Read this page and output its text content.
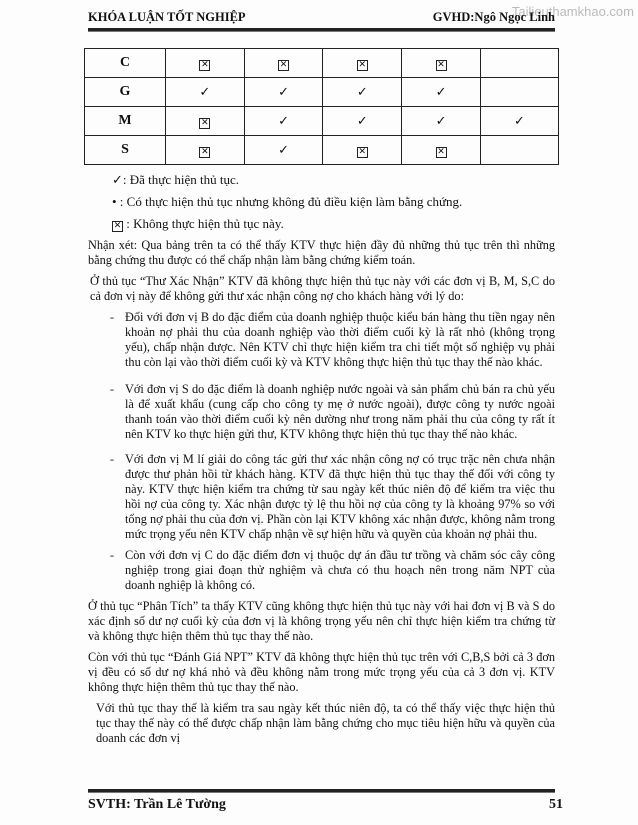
Tailieuthamkhao.com
KHÓA LUẬN TỐT NGHIỆP	GVHD:Ngô Ngọc Linh
C	✕	✕	✕	✕	
G	✓	✓	✓	✓	
M	✕	✓	✓	✓	✓
S	✕	✓	✕	✕	
✓: Đã thực hiện thủ tục.
• : Có thực hiện thủ tục nhưng không đủ điều kiện làm bằng chứng.
✕ : Không thực hiện thủ tục này.
Nhận xét: Qua bảng trên ta có thể thấy KTV thực hiện đầy đủ những thủ tục trên thì những bằng chứng thu được có thể chấp nhận làm bằng chứng kiểm toán.
Ở thủ tục “Thư Xác Nhận” KTV đã không thực hiện thủ tục này với các đơn vị B, M, S,C do cả đơn vị này để không gửi thư xác nhận công nợ cho khách hàng với lý do:
- Đối với đơn vị B do đặc điểm của doanh nghiệp thuộc kiểu bán hàng thu tiền ngay nên khoản nợ phải thu của doanh nghiệp vào thời điểm cuối kỳ là rất nhỏ (không trọng yếu), chấp nhận được. Nên KTV chỉ thực hiện kiểm tra chi tiết một số nghiệp vụ phải thu còn lại vào thời điểm cuối kỳ và KTV không thực hiện thủ tục thay thế nào khác.
- Với đơn vị S do đặc điểm là doanh nghiệp nước ngoài và sản phẩm chủ bán ra chủ yếu là để xuất khẩu (cung cấp cho công ty mẹ ở nước ngoài), được công ty nước ngoài thanh toán vào thời điểm cuối kỳ nên dường như trong năm phải thu của công ty rất ít nên KTV ko thực hiện gửi thư, KTV không thực hiện thủ tục thay thế nào khác.
- Với đơn vị M lí giải do công tác gửi thư xác nhận công nợ có trục trặc nên chưa nhận được thư phản hồi từ khách hàng. KTV đã thực hiện thủ tục thay thế đối với công ty này. KTV thực hiện kiểm tra chứng từ sau ngày kết thúc niên độ để kiểm tra việc thu hồi nợ của công ty. Xác nhận được tỷ lệ thu hồi nợ của công ty là khoảng 97% so với tổng nợ phải thu của đơn vị. Phần còn lại KTV không xác nhận được, không nằm trong mức trọng yếu nên KTV chấp nhận về sự hiện hữu và quyền của khoản nợ phải thu.
- Còn với đơn vị C do đặc điểm đơn vị thuộc dự án đầu tư trồng và chăm sóc cây công nghiệp trong giai đoạn thử nghiệm và chưa có thu hoạch nên trong năm NPT của doanh nghiệp là không có.
Ở thủ tục “Phân Tích” ta thấy KTV cũng không thực hiện thủ tục này với hai đơn vị B và S do xác định số dư nợ cuối kỳ của đơn vị là không trọng yếu nên chỉ thực hiện kiểm tra chứng từ và không thực hiện thêm thủ tục thay thế nào.
Còn với thủ tục “Đánh Giá NPT” KTV đã không thực hiện thủ tục trên với C,B,S bởi cả 3 đơn vị đều có số dư nợ khá nhỏ và đều không nằm trong mức trọng yếu của cả 3 đơn vị. KTV không thực hiện thêm thủ tục thay thế nào.
Với thủ tục thay thế là kiểm tra sau ngày kết thúc niên độ, ta có thể thấy việc thực hiện thủ tục thay thế này có thể được chấp nhận làm bằng chứng cho mục tiêu hiện hữu và quyền của doanh các đơn vị
SVTH: Trần Lê Tường	51
